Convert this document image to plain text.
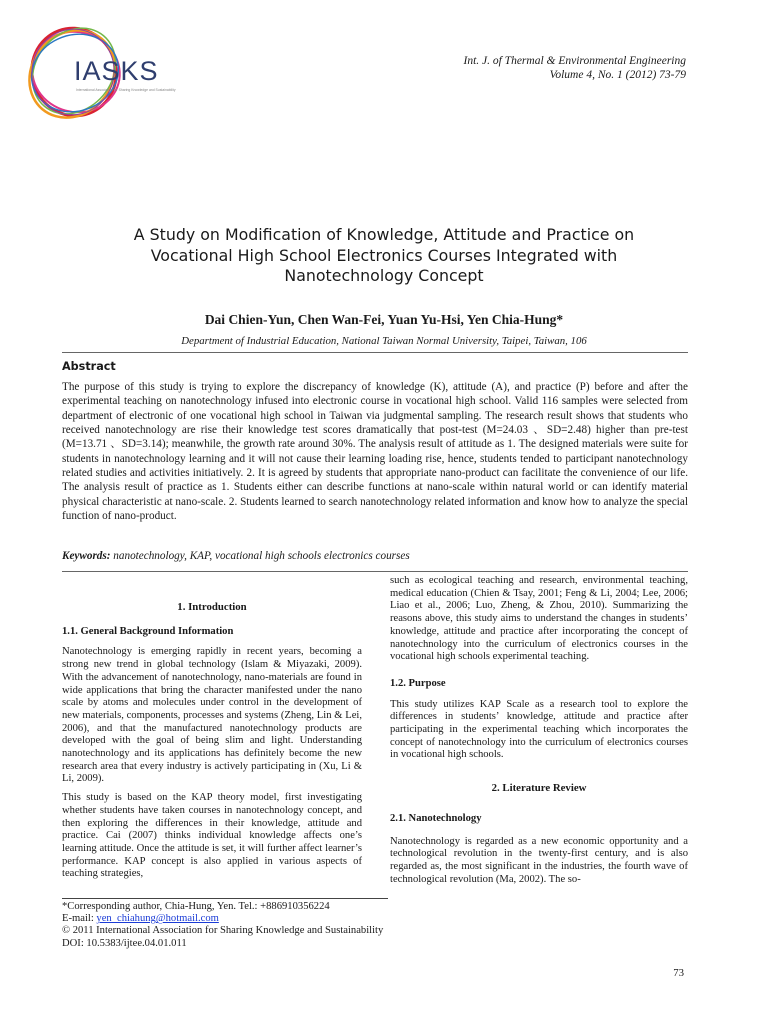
IASKS
International Association for Sharing Knowledge and Sustainability
Int. J. of Thermal & Environmental Engineering
Volume 4, No. 1 (2012) 73-79
A Study on Modification of Knowledge, Attitude and Practice on
Vocational High School Electronics Courses Integrated with
Nanotechnology Concept
Dai Chien-Yun, Chen Wan-Fei, Yuan Yu-Hsi, Yen Chia-Hung*
Department of Industrial Education, National Taiwan Normal University, Taipei, Taiwan, 106
Abstract
The purpose of this study is trying to explore the discrepancy of knowledge (K), attitude (A), and practice (P) before and after the experimental teaching on nanotechnology infused into electronic course in vocational high school. Valid 116 samples were selected from department of electronic of one vocational high school in Taiwan via judgmental sampling. The research result shows that students who received nanotechnology are rise their knowledge test scores dramatically that post-test (M=24.03 、SD=2.48) higher than pre-test (M=13.71 、SD=3.14); meanwhile, the growth rate around 30%. The analysis result of attitude as 1. The designed materials were suite for students in nanotechnology learning and it will not cause their learning loading rise, hence, students tended to participant nanotechnology related studies and activities initiatively. 2. It is agreed by students that appropriate nano-product can facilitate the convenience of our life. The analysis result of practice as 1. Students either can describe functions at nano-scale within natural world or can identify material physical characteristic at nano-scale. 2. Students learned to search nanotechnology related information and know how to analyze the special function of nano-product.
Keywords: nanotechnology, KAP, vocational high schools electronics courses
1. Introduction
1.1. General Background Information

Nanotechnology is emerging rapidly in recent years, becoming a strong new trend in global technology (Islam & Miyazaki, 2009). With the advancement of nanotechnology, nano-materials are found in wide applications that bring the character manifested under the nano scale by atoms and molecules under control in the development of new materials, components, processes and systems (Zheng, Lin & Lei, 2006), and that the manufactured nanotechnology products are developed with the goal of being slim and light. Understanding nanotechnology and its applications has definitely become the new research area that every industry is actively participating in (Xu, Li & Li, 2009).

This study is based on the KAP theory model, first investigating whether students have taken courses in nanotechnology concept, and then exploring the differences in their knowledge, attitude and practice. Cai (2007) thinks individual knowledge affects one’s learning attitude. Once the attitude is set, it will further affect learner’s performance. KAP concept is also applied in various aspects of teaching strategies,

such as ecological teaching and research, environmental teaching, medical education (Chien & Tsay, 2001; Feng & Li, 2004; Lee, 2006; Liao et al., 2006; Luo, Zheng, & Zhou, 2010). Summarizing the reasons above, this study aims to understand the changes in students’ knowledge, attitude and practice after incorporating the concept of nanotechnology into the curriculum of electronics courses in the vocational high schools experimental teaching.

1.2. Purpose

This study utilizes KAP Scale as a research tool to explore the differences in students’ knowledge, attitude and practice after participating in the experimental teaching which incorporates the concept of nanotechnology into the curriculum of electronics courses in vocational high schools.

2. Literature Review
2.1. Nanotechnology

Nanotechnology is regarded as a new economic opportunity and a technological revolution in the twenty-first century, and is also regarded as, the most significant in the industries, the fourth wave of technological revolution (Ma, 2002). The so-

*Corresponding author, Chia-Hung, Yen. Tel.: +886910356224
E-mail: yen_chiahung@hotmail.com
© 2011 International Association for Sharing Knowledge and Sustainability
DOI: 10.5383/ijtee.04.01.011
73
